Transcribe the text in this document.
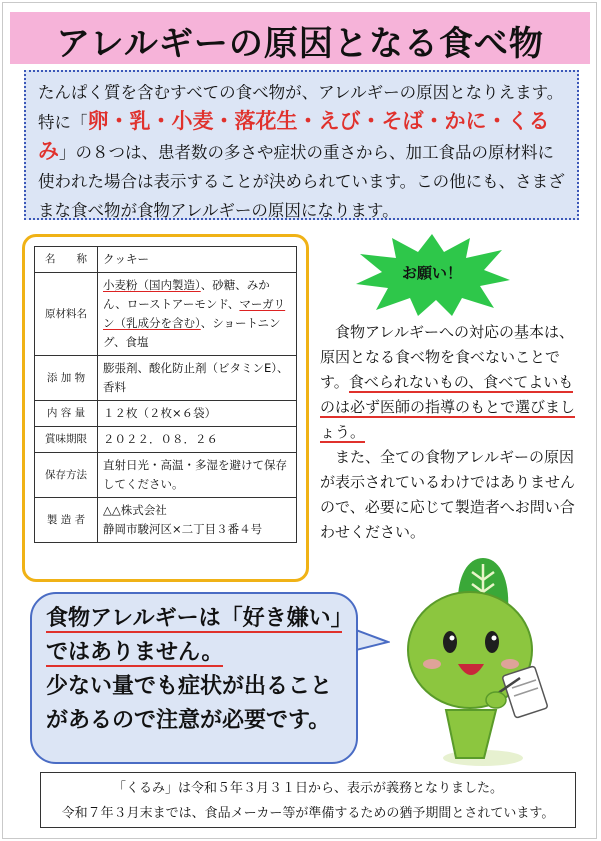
アレルギーの原因となる食べ物
たんぱく質を含むすべての食べ物が、アレルギーの原因となりえます。特に「卵・乳・小麦・落花生・えび・そば・かに・くるみ」の８つは、患者数の多さや症状の重さから、加工食品の原材料に使われた場合は表示することが決められています。この他にも、さまざまな食べ物が食物アレルギーの原因になります。
名　　称	クッキー
原材料名	小麦粉（国内製造）、砂糖、みかん、ローストアーモンド、マーガリン（乳成分を含む）、ショートニング、食塩
添 加 物	膨張剤、酸化防止剤（ビタミンE）、香料
内 容 量	１２枚（２枚×６袋）
賞味期限	２０２２．０８．２６
保存方法	直射日光・高温・多湿を避けて保存してください。
製 造 者	△△株式会社
静岡市駿河区×二丁目３番４号
お願い！

　食物アレルギーへの対応の基本は、原因となる食べ物を食べないことです。食べられないもの、食べてよいものは必ず医師の指導のもとで選びましょう。

　また、全ての食物アレルギーの原因が表示されているわけではありませんので、必要に応じて製造者へお問い合わせください。

食物アレルギーは「好き嫌い」ではありません。
少ない量でも症状が出ることがあるので注意が必要です。
「くるみ」は令和５年３月３１日から、表示が義務となりました。
令和７年３月末までは、食品メーカー等が準備するための猶予期間とされています。
